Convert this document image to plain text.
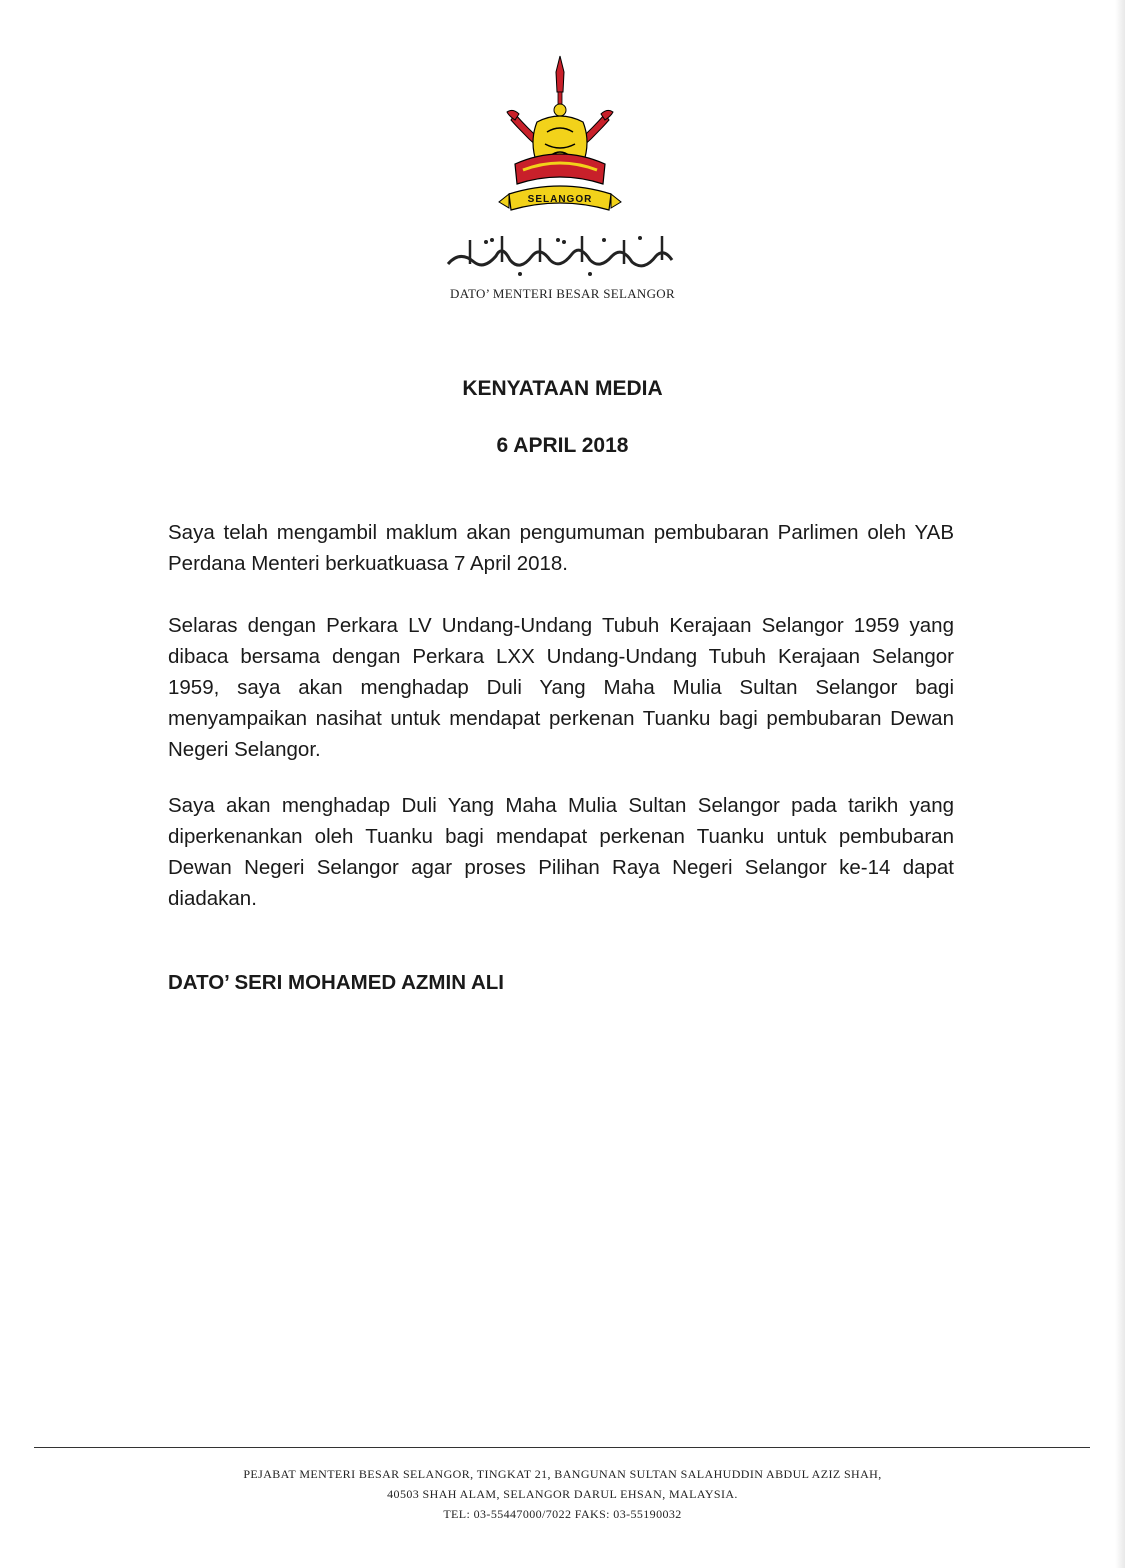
SELANGOR
DATO’ MENTERI BESAR SELANGOR
KENYATAAN MEDIA
6 APRIL 2018
Saya telah mengambil maklum akan pengumuman pembubaran Parlimen oleh YAB Perdana Menteri berkuatkuasa 7 April 2018.
Selaras dengan Perkara LV Undang-Undang Tubuh Kerajaan Selangor 1959 yang dibaca bersama dengan Perkara LXX Undang-Undang Tubuh Kerajaan Selangor 1959, saya akan menghadap Duli Yang Maha Mulia Sultan Selangor bagi menyampaikan nasihat untuk mendapat perkenan Tuanku bagi pembubaran Dewan Negeri Selangor.
Saya akan menghadap Duli Yang Maha Mulia Sultan Selangor pada tarikh yang diperkenankan oleh Tuanku bagi mendapat perkenan Tuanku untuk pembubaran Dewan Negeri Selangor agar proses Pilihan Raya Negeri Selangor ke-14 dapat diadakan.
DATO’ SERI MOHAMED AZMIN ALI
PEJABAT MENTERI BESAR SELANGOR, TINGKAT 21, BANGUNAN SULTAN SALAHUDDIN ABDUL AZIZ SHAH,
40503 SHAH ALAM, SELANGOR DARUL EHSAN, MALAYSIA.
TEL: 03-55447000/7022 FAKS: 03-55190032
